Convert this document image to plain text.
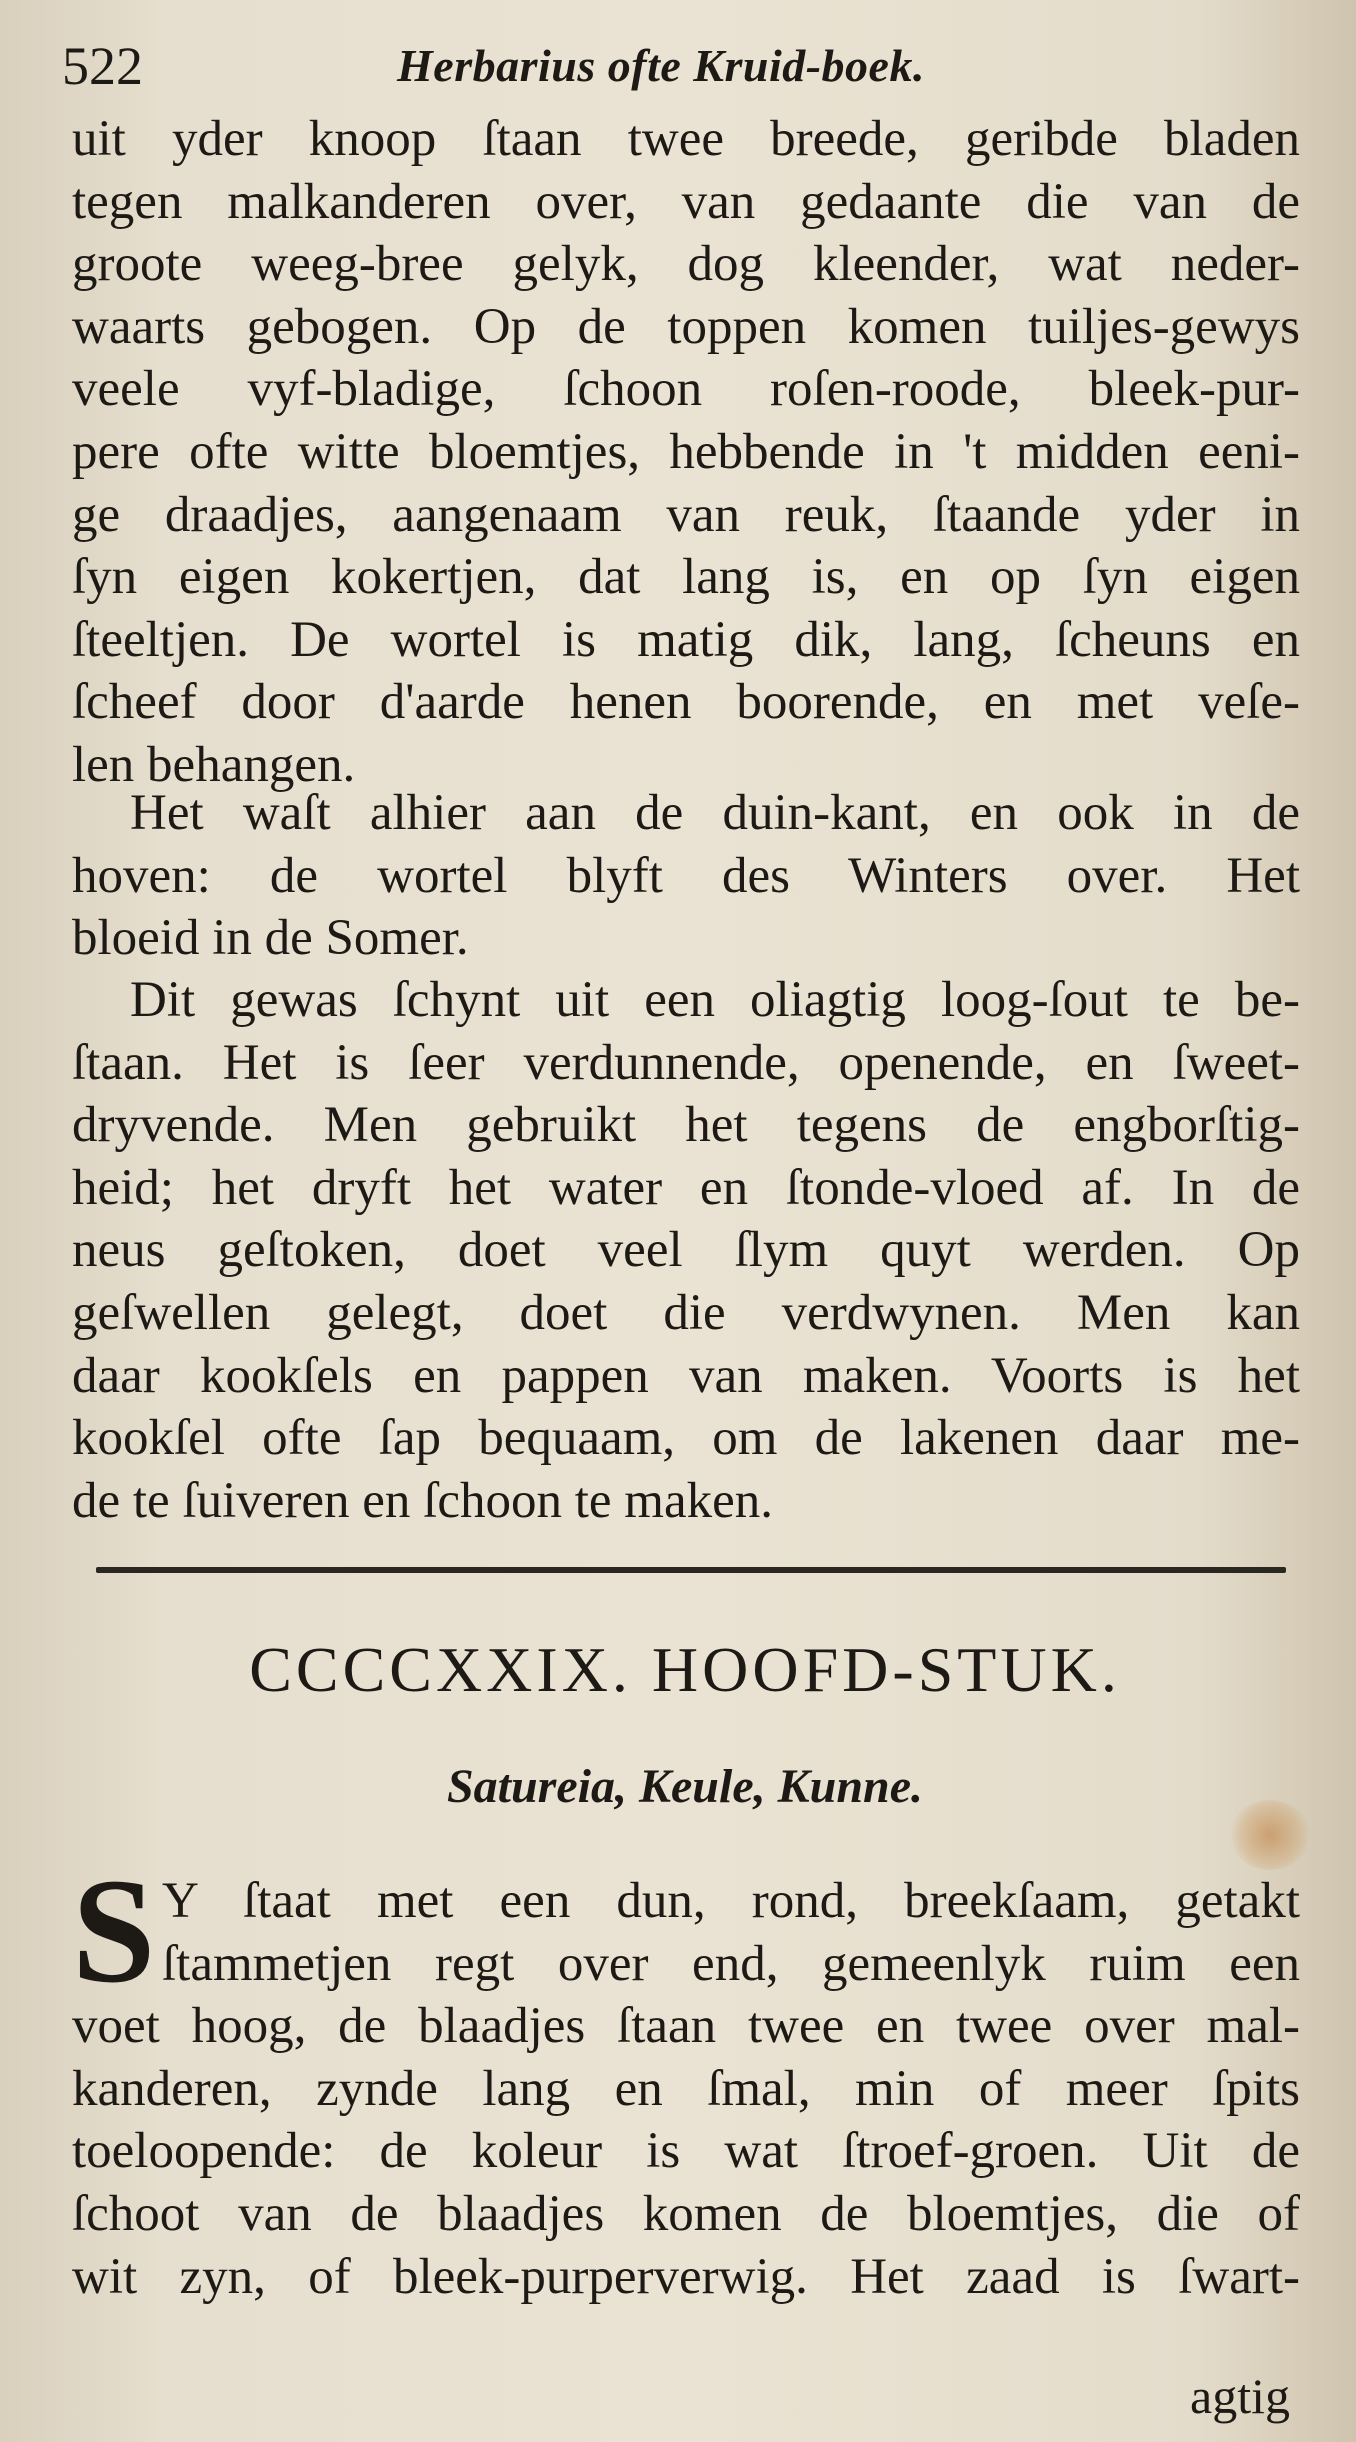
522	Herbarius ofte Kruid-boek.
uit yder knoop ſtaan twee breede, geribde bladen
tegen malkanderen over, van gedaante die van de
groote weeg-bree gelyk, dog kleender, wat neder-
waarts gebogen. Op de toppen komen tuiljes-gewys
veele vyf-bladige, ſchoon roſen-roode, bleek-pur-
pere ofte witte bloemtjes, hebbende in 't midden eeni-
ge draadjes, aangenaam van reuk, ſtaande yder in
ſyn eigen kokertjen, dat lang is, en op ſyn eigen
ſteeltjen. De wortel is matig dik, lang, ſcheuns en
ſcheef door d'aarde henen boorende, en met veſe-
len behangen.
Het waſt alhier aan de duin-kant, en ook in de
hoven: de wortel blyft des Winters over. Het
bloeid in de Somer.
Dit gewas ſchynt uit een oliagtig loog-ſout te be-
ſtaan. Het is ſeer verdunnende, openende, en ſweet-
dryvende. Men gebruikt het tegens de engborſtig-
heid; het dryft het water en ſtonde-vloed af. In de
neus geſtoken, doet veel ſlym quyt werden. Op
geſwellen gelegt, doet die verdwynen. Men kan
daar kookſels en pappen van maken. Voorts is het
kookſel ofte ſap bequaam, om de lakenen daar me-
de te ſuiveren en ſchoon te maken.
CCCCXXIX. HOOFD-STUK.
Satureia, Keule, Kunne.
S Y ſtaat met een dun, rond, breekſaam, getakt
ſtammetjen regt over end, gemeenlyk ruim een
voet hoog, de blaadjes ſtaan twee en twee over mal-
kanderen, zynde lang en ſmal, min of meer ſpits
toeloopende: de koleur is wat ſtroef-groen. Uit de
ſchoot van de blaadjes komen de bloemtjes, die of
wit zyn, of bleek-purperverwig. Het zaad is ſwart-
agtig
